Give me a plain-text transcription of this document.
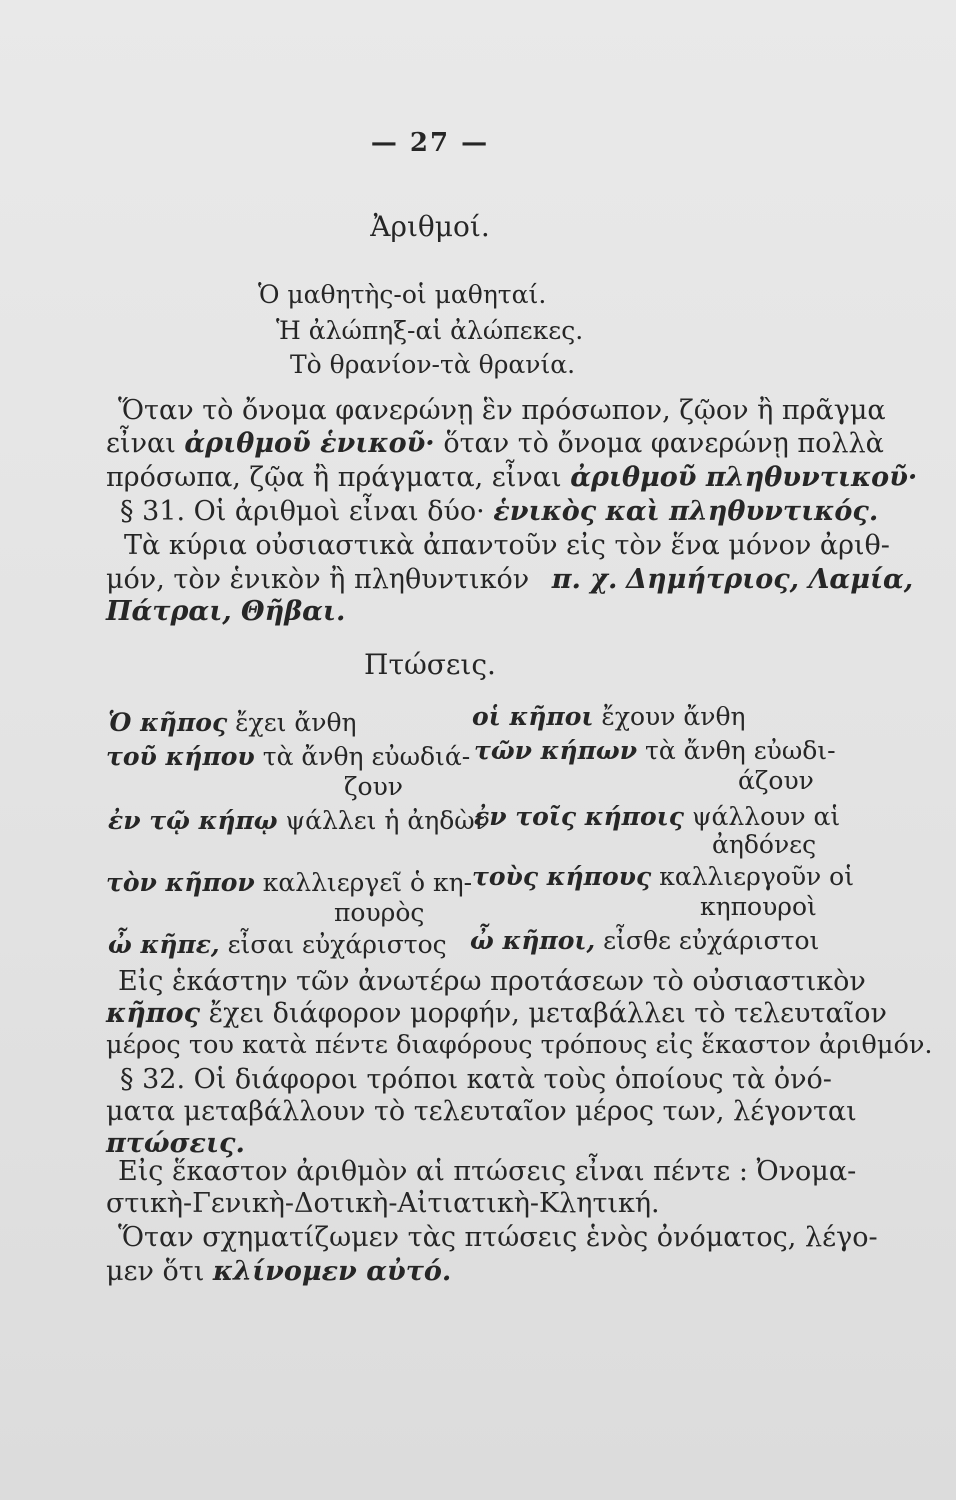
— 27 —
Ἀριθμοί.
Ὁ μαθητὴς-οἱ μαθηταί.
Ἡ ἀλώπηξ-αἱ ἀλώπεκες.
Τὸ θρανίον-τὰ θρανία.
Ὅταν τὸ ὄνομα φανερώνῃ ἓν πρόσωπον, ζῷον ἢ πρᾶγμα
εἶναι ἀριθμοῦ ἑνικοῦ· ὅταν τὸ ὄνομα φανερώνῃ πολλὰ
πρόσωπα, ζῷα ἢ πράγματα, εἶναι ἀριθμοῦ πληθυντικοῦ·
§ 31. Οἱ ἀριθμοὶ εἶναι δύο· ἑνικὸς καὶ πληθυντικός.
Τὰ κύρια οὐσιαστικὰ ἀπαντοῦν εἰς τὸν ἕνα μόνον ἀριθ-
μόν, τὸν ἑνικὸν ἢ πληθυντικόν π. χ. Δημήτριος, Λαμία,
Πάτραι, Θῆβαι.
Πτώσεις.
Ὁ κῆπος ἔχει ἄνθη	οἱ κῆποι ἔχουν ἄνθη
τοῦ κήπου τὰ ἄνθη εὐωδιά-
ζουν
τῶν κήπων τὰ ἄνθη εὐωδι-
άζουν
ἐν τῷ κήπῳ ψάλλει ἡ ἀηδὼν
ἐν τοῖς κήποις ψάλλουν αἱ
ἀηδόνες
τὸν κῆπον καλλιεργεῖ ὁ κη-
πουρὸς
τοὺς κήπους καλλιεργοῦν οἱ
κηπουροὶ
ὦ κῆπε, εἶσαι εὐχάριστος ὦ κῆποι, εἶσθε εὐχάριστοι
Εἰς ἑκάστην τῶν ἀνωτέρω προτάσεων τὸ οὐσιαστικὸν
κῆπος ἔχει διάφορον μορφήν, μεταβάλλει τὸ τελευταῖον
μέρος του κατὰ πέντε διαφόρους τρόπους εἰς ἕκαστον ἀριθμόν.
§ 32. Οἱ διάφοροι τρόποι κατὰ τοὺς ὁποίους τὰ ὀνό-
ματα μεταβάλλουν τὸ τελευταῖον μέρος των, λέγονται
πτώσεις.
Εἰς ἕκαστον ἀριθμὸν αἱ πτώσεις εἶναι πέντε : Ὀνομα-
στικὴ-Γενικὴ-Δοτικὴ-Αἰτιατικὴ-Κλητική.
Ὅταν σχηματίζωμεν τὰς πτώσεις ἑνὸς ὀνόματος, λέγο-
μεν ὅτι κλίνομεν αὐτό.
